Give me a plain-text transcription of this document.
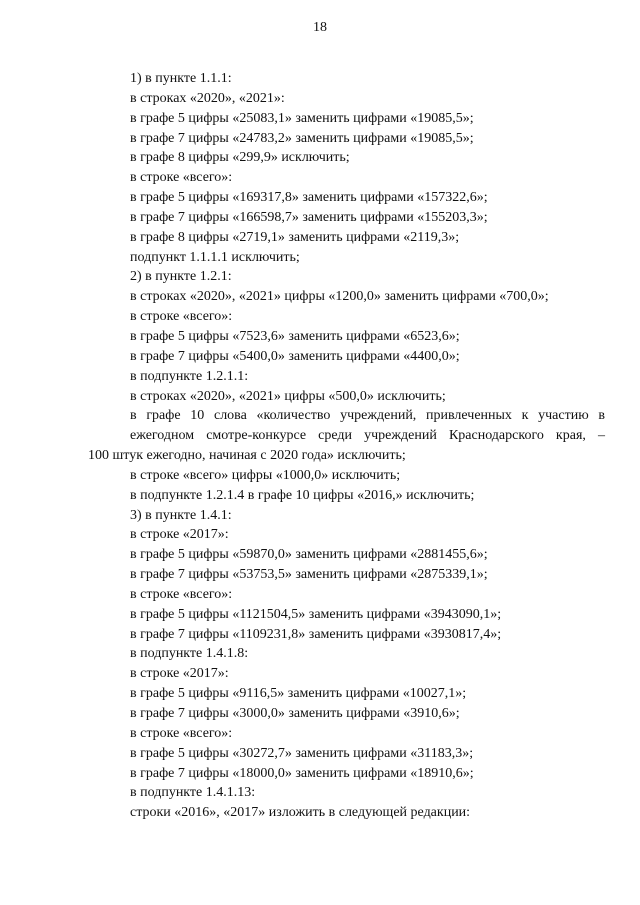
18
1) в пункте 1.1.1:
в строках «2020», «2021»:
в графе 5 цифры «25083,1» заменить цифрами «19085,5»;
в графе 7 цифры «24783,2» заменить цифрами «19085,5»;
в графе 8 цифры «299,9» исключить;
в строке «всего»:
в графе 5 цифры «169317,8» заменить цифрами «157322,6»;
в графе 7 цифры «166598,7» заменить цифрами «155203,3»;
в графе 8 цифры «2719,1» заменить цифрами «2119,3»;
подпункт 1.1.1.1 исключить;
2) в пункте 1.2.1:
в строках «2020», «2021» цифры «1200,0» заменить цифрами «700,0»;
в строке «всего»:
в графе 5 цифры «7523,6» заменить цифрами «6523,6»;
в графе 7 цифры «5400,0» заменить цифрами «4400,0»;
в подпункте 1.2.1.1:
в строках «2020», «2021» цифры «500,0» исключить;
в графе 10 слова «количество учреждений, привлеченных к участию в
ежегодном смотре-конкурсе среди учреждений Краснодарского края, –
100 штук ежегодно, начиная с 2020 года» исключить;
в строке «всего» цифры «1000,0» исключить;
в подпункте 1.2.1.4 в графе 10 цифры «2016,» исключить;
3) в пункте 1.4.1:
в строке «2017»:
в графе 5 цифры «59870,0» заменить цифрами «2881455,6»;
в графе 7 цифры «53753,5» заменить цифрами «2875339,1»;
в строке «всего»:
в графе 5 цифры «1121504,5» заменить цифрами «3943090,1»;
в графе 7 цифры «1109231,8» заменить цифрами «3930817,4»;
в подпункте 1.4.1.8:
в строке «2017»:
в графе 5 цифры «9116,5» заменить цифрами «10027,1»;
в графе 7 цифры «3000,0» заменить цифрами «3910,6»;
в строке «всего»:
в графе 5 цифры «30272,7» заменить цифрами «31183,3»;
в графе 7 цифры «18000,0» заменить цифрами «18910,6»;
в подпункте 1.4.1.13:
строки «2016», «2017» изложить в следующей редакции:
